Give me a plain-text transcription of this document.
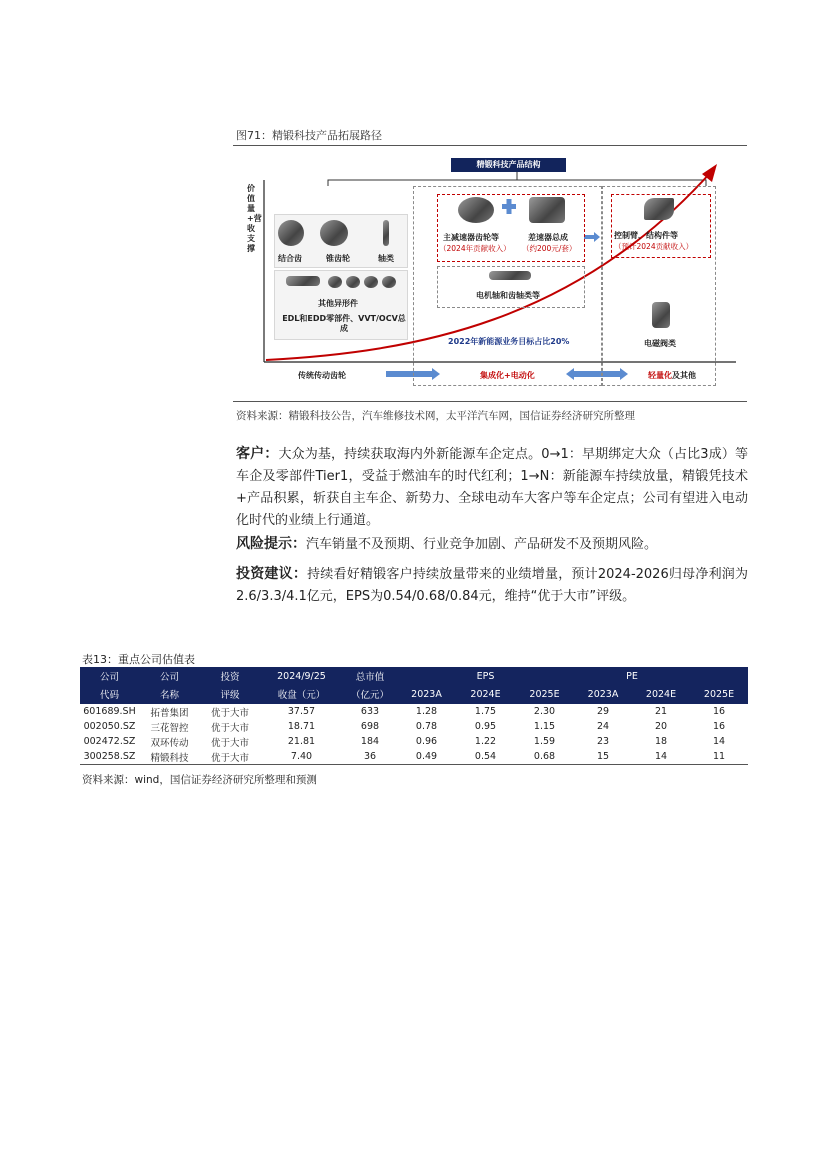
图71：精锻科技产品拓展路径
精锻科技产品结构
价值量+营收支撑
结合齿	锥齿轮	轴类
其他异形件
EDL和EDD零部件、VVT/OCV总成
主减速器齿轮等
（2024年贡献收入）
差速器总成
（约200元/套）
电机轴和齿轴类等
2022年新能源业务目标占比20%
控制臂、结构件等
（预计2024贡献收入）
电磁阀类
传统传动齿轮	集成化+电动化	轻量化及其他
资料来源：精锻科技公告，汽车维修技术网，太平洋汽车网，国信证券经济研究所整理
客户：大众为基，持续获取海内外新能源车企定点。0→1：早期绑定大众（占比3成）等车企及零部件Tier1，受益于燃油车的时代红利；1→N：新能源车持续放量，精锻凭技术+产品积累，斩获自主车企、新势力、全球电动车大客户等车企定点；公司有望进入电动化时代的业绩上行通道。
风险提示：汽车销量不及预期、行业竞争加剧、产品研发不及预期风险。
投资建议：持续看好精锻客户持续放量带来的业绩增量，预计2024-2026归母净利润为2.6/3.3/4.1亿元，EPS为0.54/0.68/0.84元，维持“优于大市”评级。
表13：重点公司估值表
公司	公司	投资	2024/9/25	总市值	EPS			PE		
代码	名称	评级	收盘（元）	（亿元）	2023A	2024E	2025E	2023A	2024E	2025E
601689.SH	拓普集团	优于大市	37.57	633	1.28	1.75	2.30	29	21	16
002050.SZ	三花智控	优于大市	18.71	698	0.78	0.95	1.15	24	20	16
002472.SZ	双环传动	优于大市	21.81	184	0.96	1.22	1.59	23	18	14
300258.SZ	精锻科技	优于大市	7.40	36	0.49	0.54	0.68	15	14	11
资料来源：wind，国信证券经济研究所整理和预测
